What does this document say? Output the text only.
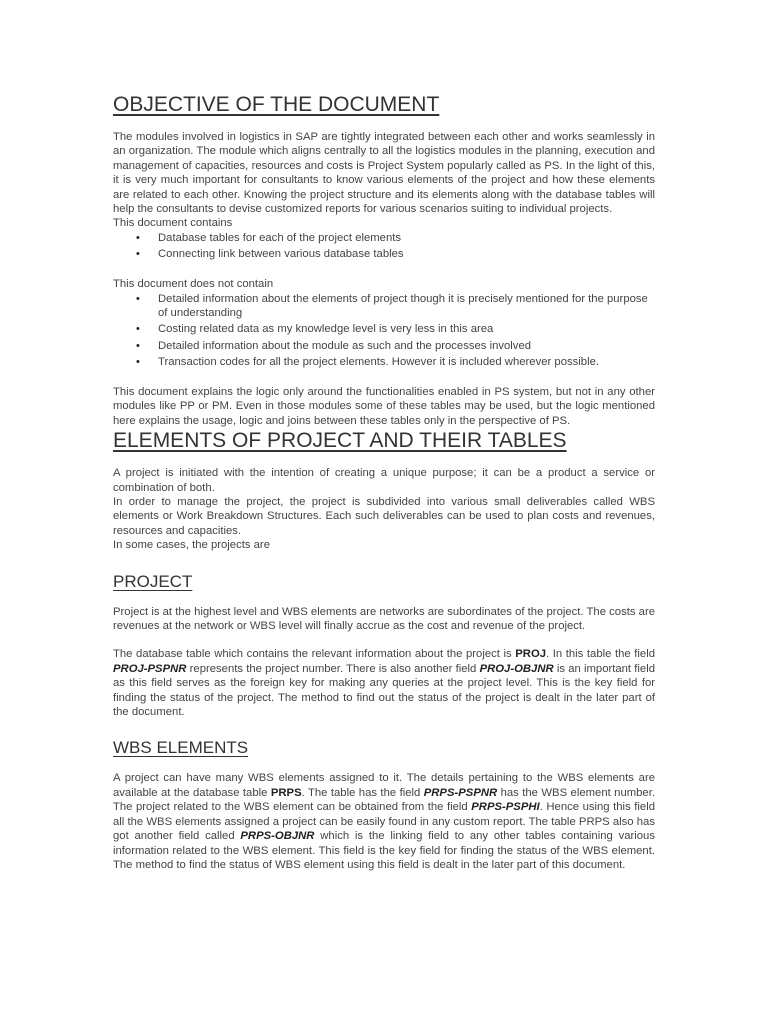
OBJECTIVE OF THE DOCUMENT

The modules involved in logistics in SAP are tightly integrated between each other and works seamlessly in an organization. The module which aligns centrally to all the logistics modules in the planning, execution and management of capacities, resources and costs is Project System popularly called as PS. In the light of this, it is very much important for consultants to know various elements of the project and how these elements are related to each other. Knowing the project structure and its elements along with the database tables will help the consultants to devise customized reports for various scenarios suiting to individual projects.

This document contains

• Database tables for each of the project elements
• Connecting link between various database tables

This document does not contain

• Detailed information about the elements of project though it is precisely mentioned for the purpose of understanding
• Costing related data as my knowledge level is very less in this area
• Detailed information about the module as such and the processes involved
• Transaction codes for all the project elements. However it is included wherever possible.

This document explains the logic only around the functionalities enabled in PS system, but not in any other modules like PP or PM. Even in those modules some of these tables may be used, but the logic mentioned here explains the usage, logic and joins between these tables only in the perspective of PS.

ELEMENTS OF PROJECT AND THEIR TABLES

A project is initiated with the intention of creating a unique purpose; it can be a product a service or combination of both.

In order to manage the project, the project is subdivided into various small deliverables called WBS elements or Work Breakdown Structures. Each such deliverables can be used to plan costs and revenues, resources and capacities.

In some cases, the projects are

PROJECT

Project is at the highest level and WBS elements are networks are subordinates of the project. The costs are revenues at the network or WBS level will finally accrue as the cost and revenue of the project.

The database table which contains the relevant information about the project is PROJ. In this table the field PROJ-PSPNR represents the project number. There is also another field PROJ-OBJNR is an important field as this field serves as the foreign key for making any queries at the project level. This is the key field for finding the status of the project. The method to find out the status of the project is dealt in the later part of the document.

WBS ELEMENTS

A project can have many WBS elements assigned to it. The details pertaining to the WBS elements are available at the database table PRPS. The table has the field PRPS-PSPNR has the WBS element number. The project related to the WBS element can be obtained from the field PRPS-PSPHI. Hence using this field all the WBS elements assigned a project can be easily found in any custom report. The table PRPS also has got another field called PRPS-OBJNR which is the linking field to any other tables containing various information related to the WBS element. This field is the key field for finding the status of the WBS element. The method to find the status of WBS element using this field is dealt in the later part of this document.
